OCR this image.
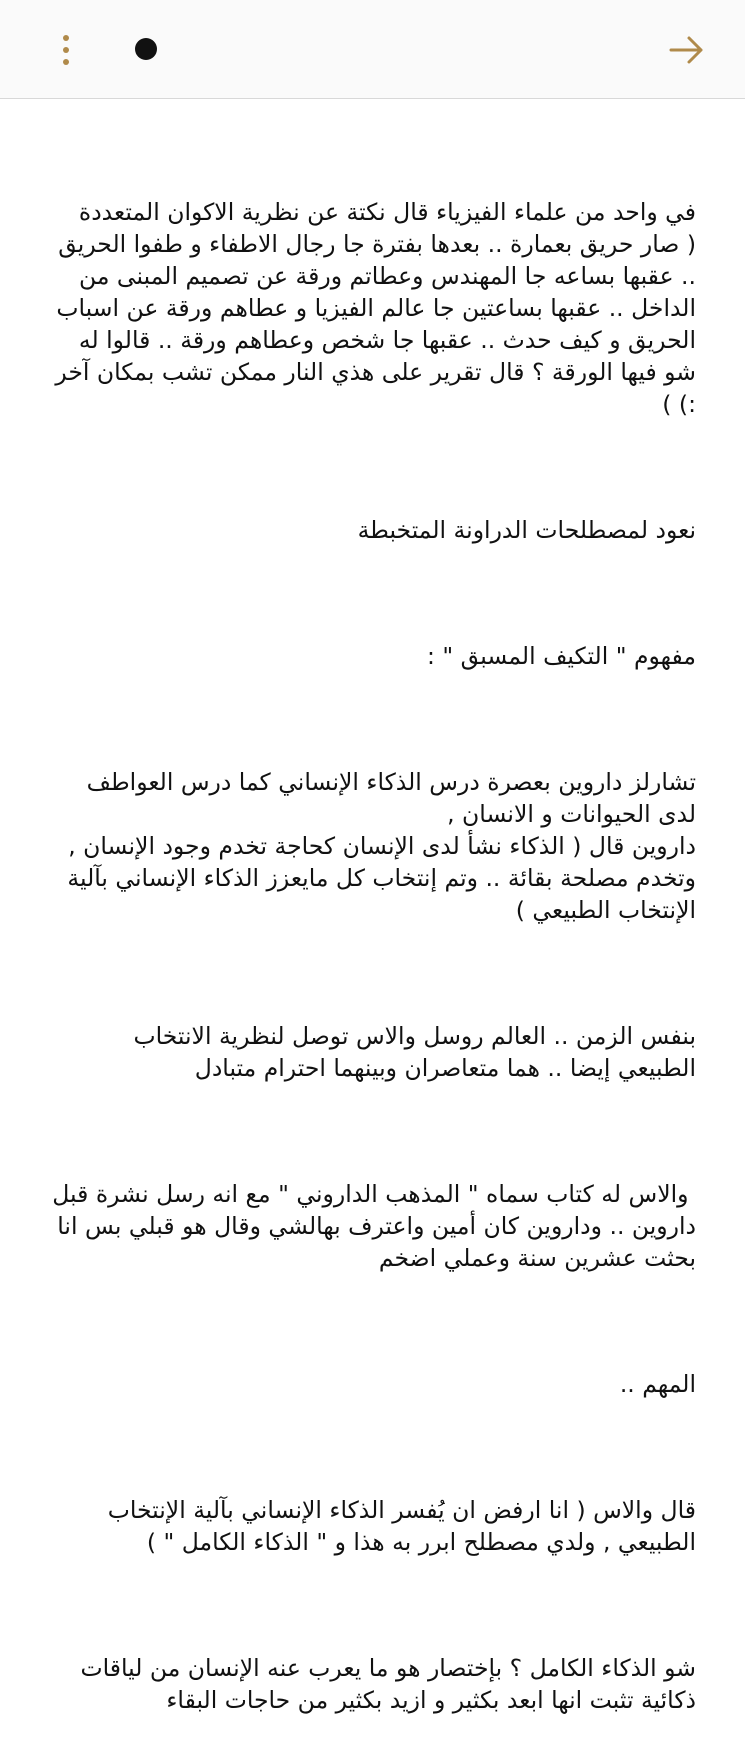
في واحد من علماء الفيزياء قال نكتة عن نظرية الاكوان المتعددة
( صار حريق بعمارة .. بعدها بفترة جا رجال الاطفاء و طفوا الحريق .. عقبها بساعه جا المهندس وعطاتم ورقة عن تصميم المبنى من الداخل .. عقبها بساعتين جا عالم الفيزيا و عطاهم ورقة عن اسباب الحريق و كيف حدث .. عقبها جا شخص وعطاهم ورقة .. قالوا له شو فيها الورقة ؟ قال تقرير على هذي النار ممكن تشب بمكان آخر :) )

نعود لمصطلحات الدراونة المتخبطة

مفهوم " التكيف المسبق " :

تشارلز داروين بعصرة درس الذكاء الإنساني كما درس العواطف لدى الحيوانات و الانسان ,
داروين قال ( الذكاء نشأ لدى الإنسان كحاجة تخدم وجود الإنسان , وتخدم مصلحة بقائة .. وتم إنتخاب كل مايعزز الذكاء الإنساني بآلية الإنتخاب الطبيعي )

بنفس الزمن .. العالم روسل والاس توصل لنظرية الانتخاب الطبيعي إيضا .. هما متعاصران وبينهما احترام متبادل

والاس له كتاب سماه " المذهب الداروني " مع انه رسل نشرة قبل داروين .. وداروين كان أمين واعترف بهالشي وقال هو قبلي بس انا بحثت عشرين سنة وعملي اضخم

المهم ..

قال والاس ( انا ارفض ان يُفسر الذكاء الإنساني بآلية الإنتخاب الطبيعي , ولدي مصطلح ابرر به هذا و " الذكاء الكامل " )

شو الذكاء الكامل ؟ بإختصار هو ما يعرب عنه الإنسان من لياقات ذكائية تثبت انها ابعد بكثير و ازيد بكثير من حاجات البقاء
